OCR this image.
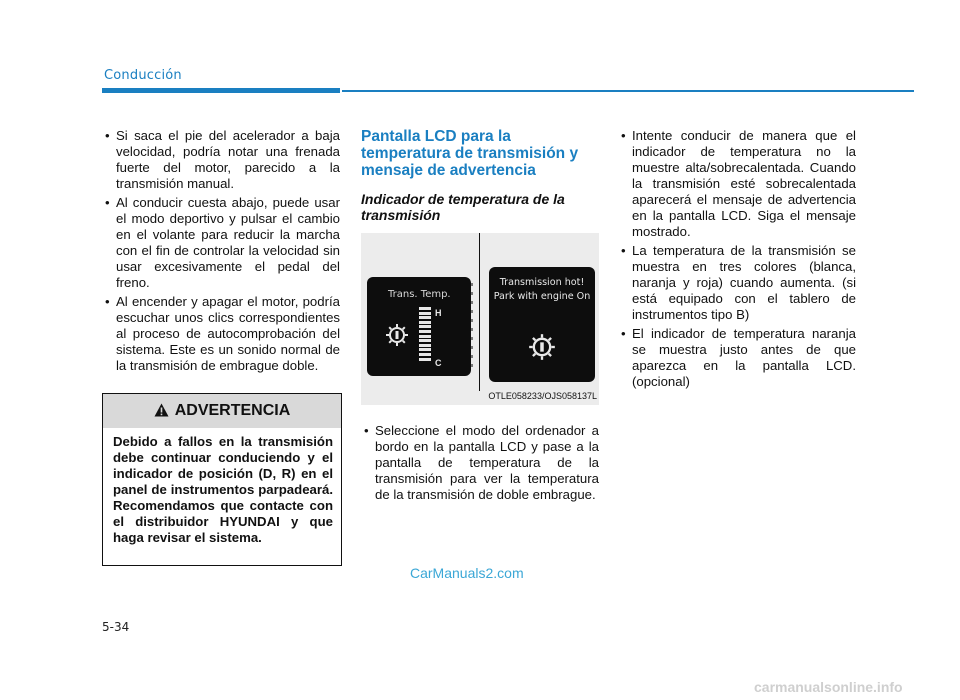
Conducción
• Si saca el pie del acelerador a baja velocidad, podría notar una frenada fuerte del motor, parecido a la transmisión manual.
• Al conducir cuesta abajo, puede usar el modo deportivo y pulsar el cambio en el volante para reducir la marcha con el fin de controlar la velocidad sin usar excesivamente el pedal del freno.
• Al encender y apagar el motor, podría escuchar unos clics correspondientes al proceso de autocomprobación del sistema. Este es un sonido normal de la transmisión de embrague doble.
ADVERTENCIA
Debido a fallos en la transmisión debe continuar conduciendo y el indicador de posición (D, R) en el panel de instrumentos parpadeará. Recomendamos que contacte con el distribuidor HYUNDAI y que haga revisar el sistema.
Pantalla LCD para la temperatura de transmisión y mensaje de advertencia
Indicador de temperatura de la transmisión
Trans. Temp.
H
C
Transmission hot! Park with engine On
OTLE058233/OJS058137L
• Seleccione el modo del ordenador a bordo en la pantalla LCD y pase a la pantalla de temperatura de la transmisión para ver la temperatura de la transmisión de doble embrague.
• Intente conducir de manera que el indicador de temperatura no la muestre alta/sobrecalentada. Cuando la transmisión esté sobrecalentada aparecerá el mensaje de advertencia en la pantalla LCD. Siga el mensaje mostrado.
• La temperatura de la transmisión se muestra en tres colores (blanca, naranja y roja) cuando aumenta. (si está equipado con el tablero de instrumentos tipo B)
• El indicador de temperatura naranja se muestra justo antes de que aparezca en la pantalla LCD. (opcional)
CarManuals2.com
5-34
carmanualsonline.info
